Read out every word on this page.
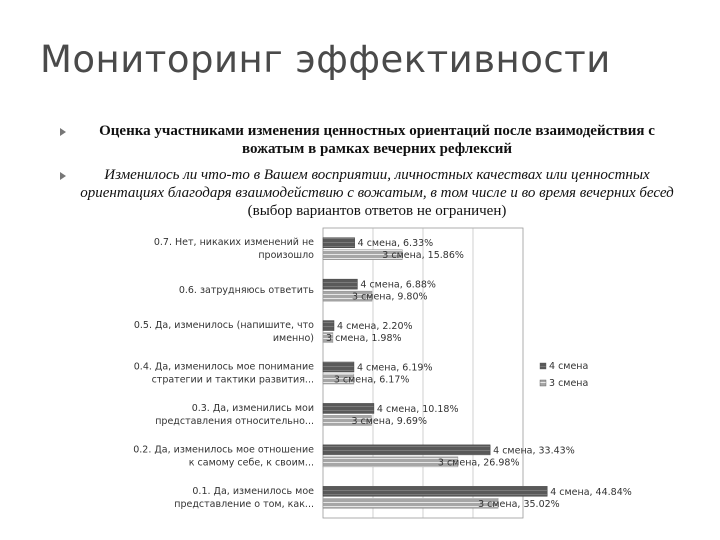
Мониторинг эффективности
Оценка участниками изменения ценностных ориентаций после взаимодействия с вожатым в рамках вечерних рефлексий
Изменилось ли что-то в Вашем восприятии, личностных качествах или ценностных ориентациях благодаря взаимодействию с вожатым, в том числе и во время вечерних бесед (выбор вариантов ответов не ограничен)
0.7. Нет, никаких изменений не
произошло
4 смена, 6.33%
3 смена, 15.86%
0.6. затрудняюсь ответить	4 смена, 6.88%
3 смена, 9.80%
0.5. Да, изменилось (напишите, что
именно)
4 смена, 2.20%
3 смена, 1.98%
0.4. Да, изменилось мое понимание
стратегии и тактики развития...
4 смена, 6.19%
3 смена, 6.17%
0.3. Да, изменились мои
представления относительно...
4 смена, 10.18%
3 смена, 9.69%
0.2. Да, изменилось мое отношение
к самому себе, к своим...
4 смена, 33.43%
3 смена, 26.98%
0.1. Да, изменилось мое
представление о том, как...
4 смена, 44.84%
3 смена, 35.02%
4 смена
3 смена
